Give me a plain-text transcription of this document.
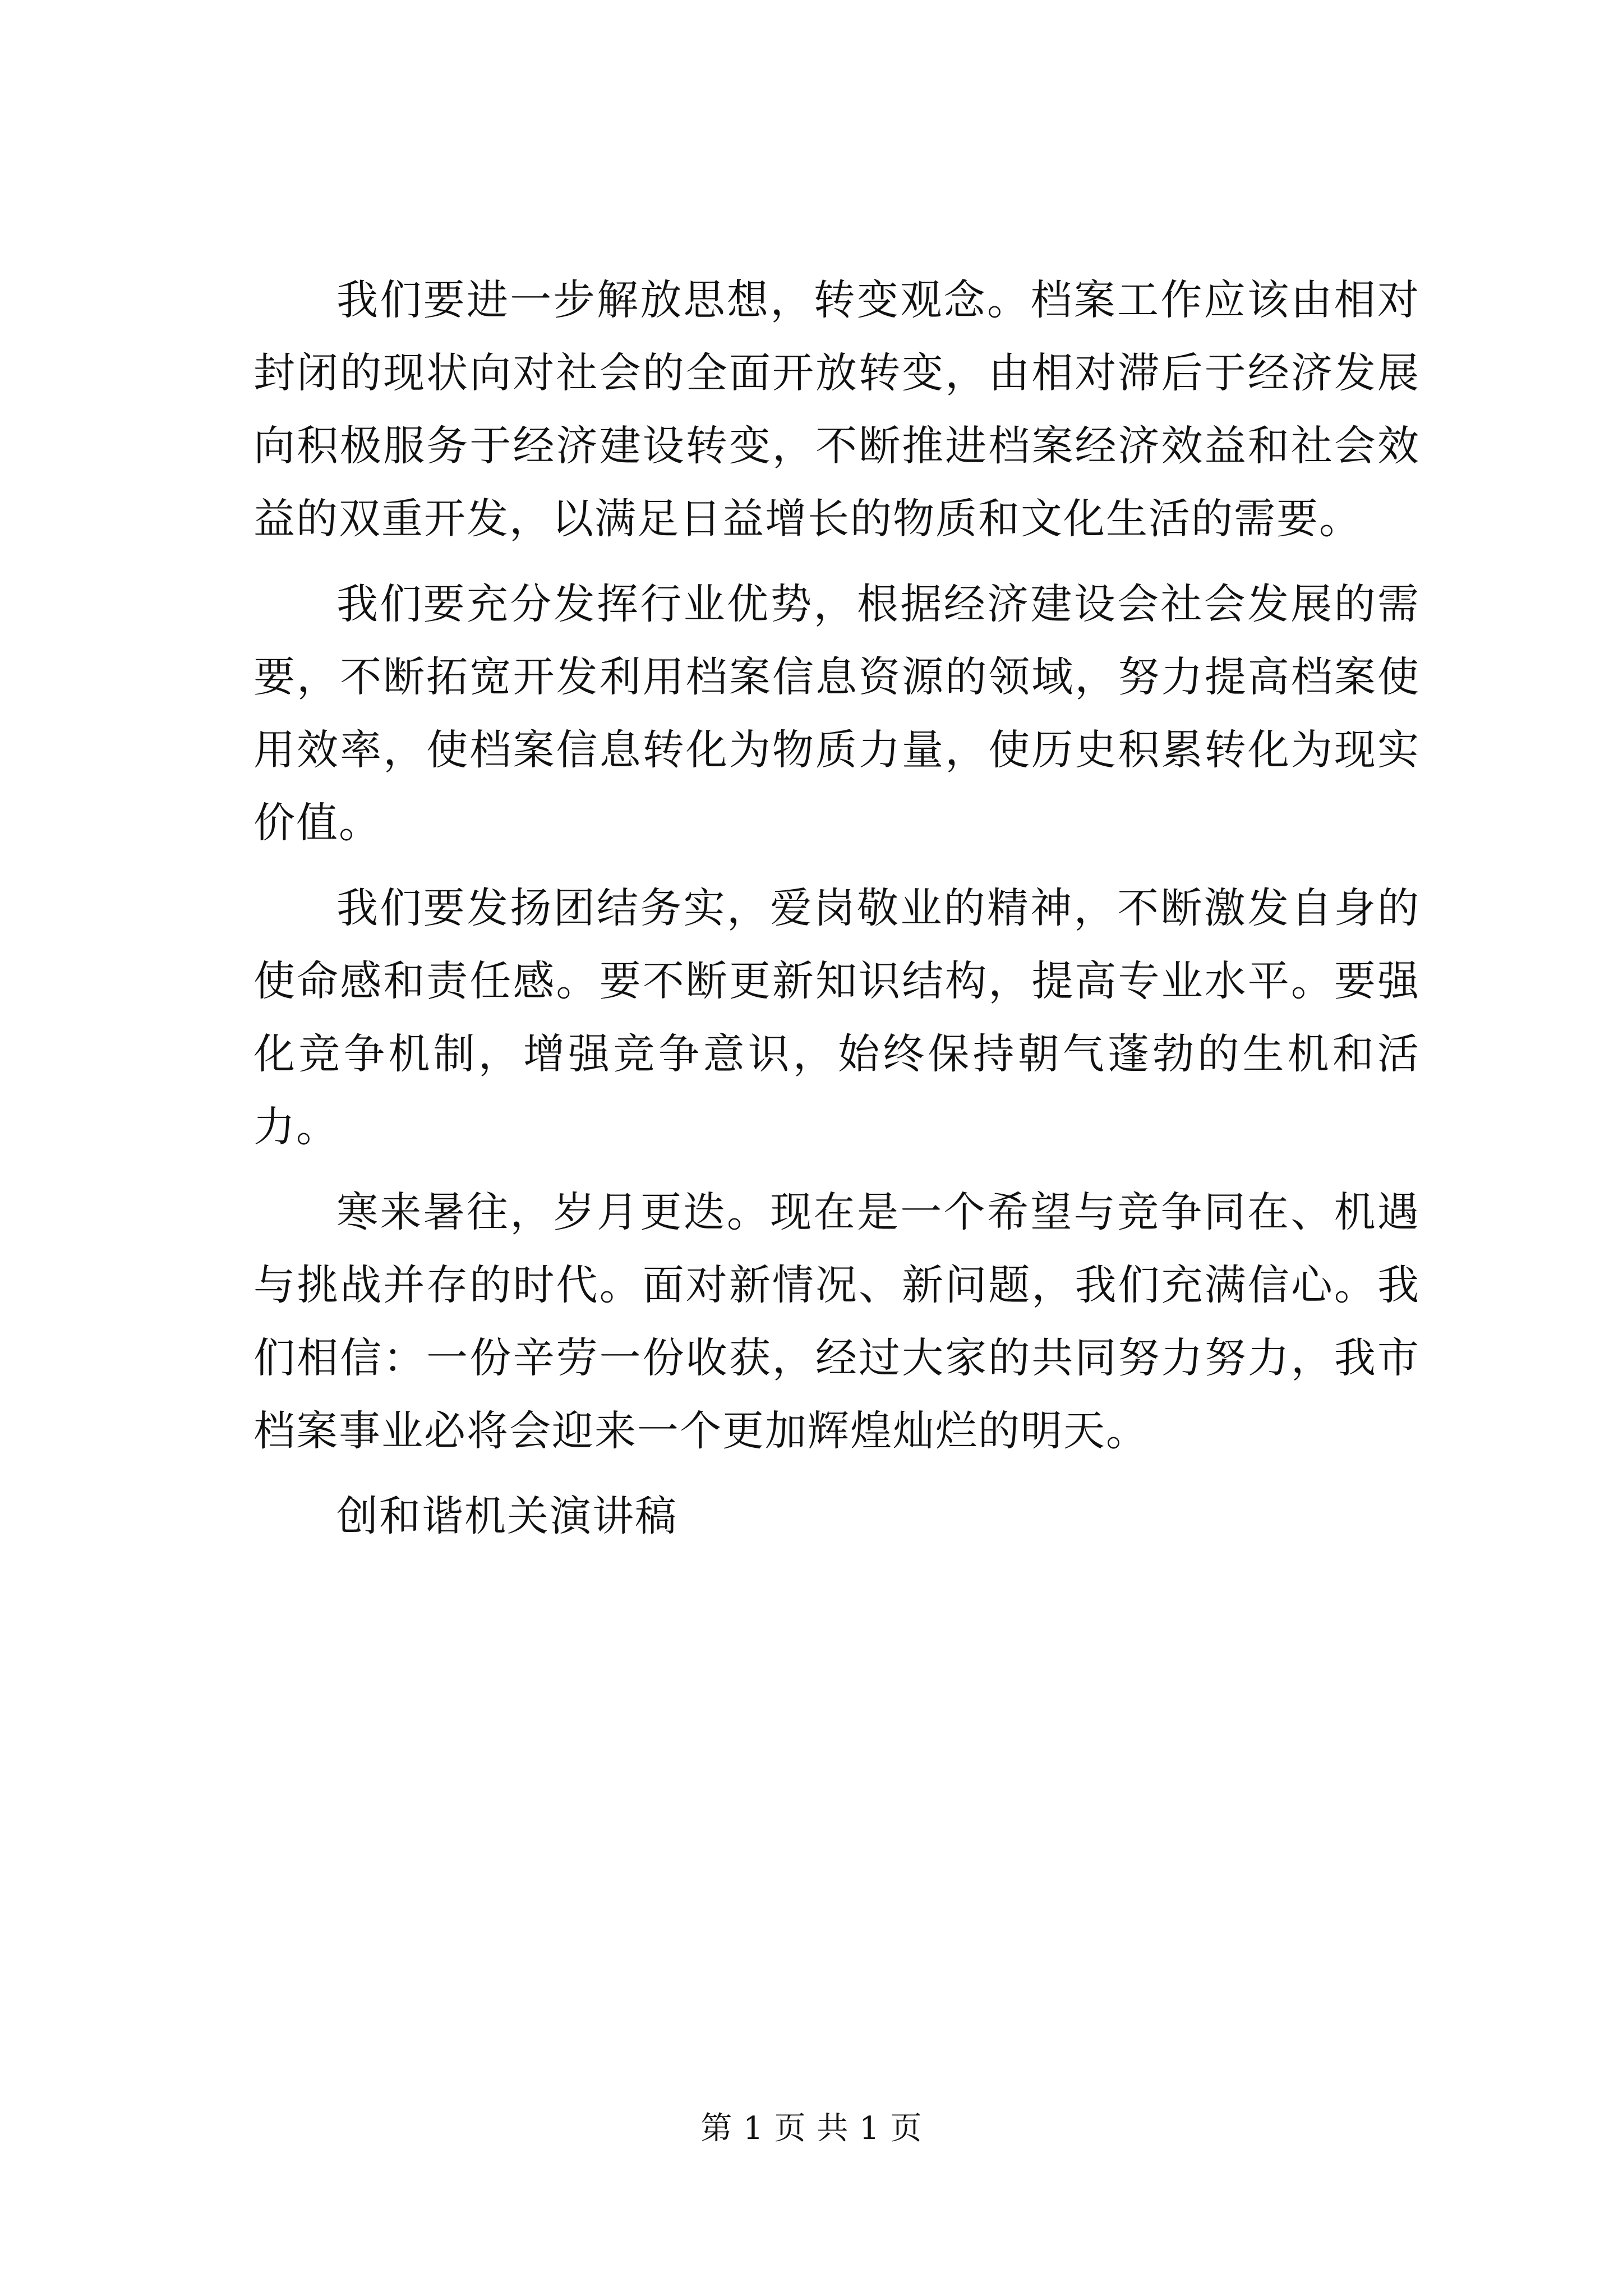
我们要进一步解放思想，转变观念。档案工作应该由相对封闭的现状向对社会的全面开放转变，由相对滞后于经济发展向积极服务于经济建设转变，不断推进档案经济效益和社会效益的双重开发，以满足日益增长的物质和文化生活的需要。

我们要充分发挥行业优势，根据经济建设会社会发展的需要，不断拓宽开发利用档案信息资源的领域，努力提高档案使用效率，使档案信息转化为物质力量，使历史积累转化为现实价值。

我们要发扬团结务实，爱岗敬业的精神，不断激发自身的使命感和责任感。要不断更新知识结构，提高专业水平。要强化竞争机制，增强竞争意识，始终保持朝气蓬勃的生机和活力。

寒来暑往，岁月更迭。现在是一个希望与竞争同在、机遇与挑战并存的时代。面对新情况、新问题，我们充满信心。我们相信：一份辛劳一份收获，经过大家的共同努力努力，我市档案事业必将会迎来一个更加辉煌灿烂的明天。

创和谐机关演讲稿

第 1 页 共 1 页
